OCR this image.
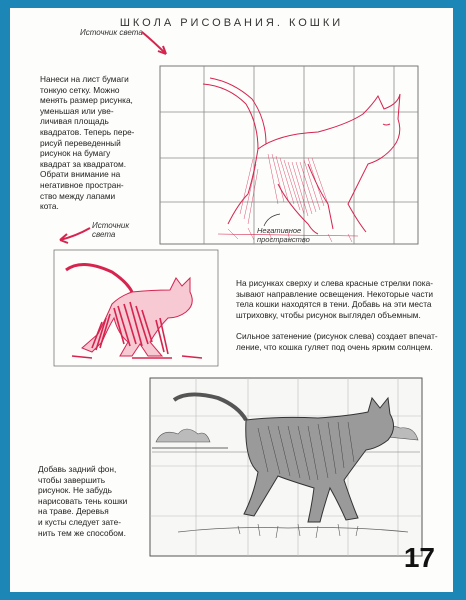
ШКОЛА РИСОВАНИЯ. КОШКИ
Источник света
Негативное
пространство
Нанеси на лист бумаги
тонкую сетку. Можно
менять размер рисунка,
уменьшая или уве-
личивая площадь
квадратов. Теперь пере-
рисуй переведенный
рисунок на бумагу
квадрат за квадратом.
Обрати внимание на
негативное простран-
ство между лапами
кота.
Источник
света
На рисунках сверху и слева красные стрелки пока-
зывают направление освещения. Некоторые части
тела кошки находятся в тени. Добавь на эти места
штриховку, чтобы рисунок выглядел объемным.

Сильное затенение (рисунок слева) создает впечат-
ление, что кошка гуляет под очень ярким солнцем.
Добавь задний фон,
чтобы завершить
рисунок. Не забудь
нарисовать тень кошки
на траве. Деревья
и кусты следует зате-
нить тем же способом.
17
